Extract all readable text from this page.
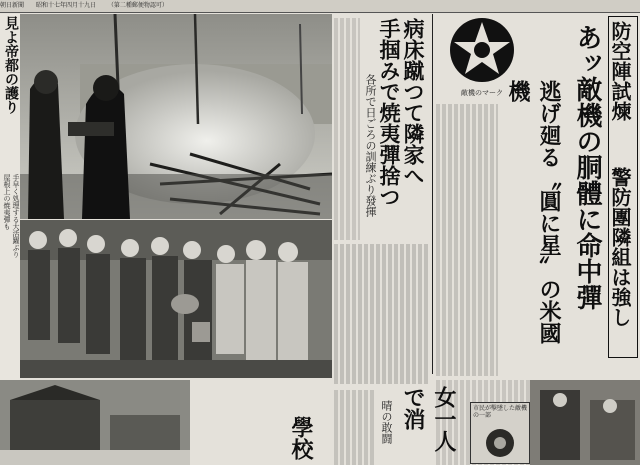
朝日新聞 昭和十七年四月十九日 （第二種郵便物認可）
見よ帝都の護り
屋根上の焼夷彈も 手早く処理する大活躍ぶり
學校
病床蹴つて隣家へ
手掴みで焼夷彈捨つ
各所で日ごろの訓練ぶり發揮	敵機のマーク	防空陣試煉
警防團隣組は強し
あッ敵機の胴體に命中彈
逃げ廻る〝圓に星〟の米國機
女一人で消
晴の敢闘	市民が擊墜した敵機の一部
